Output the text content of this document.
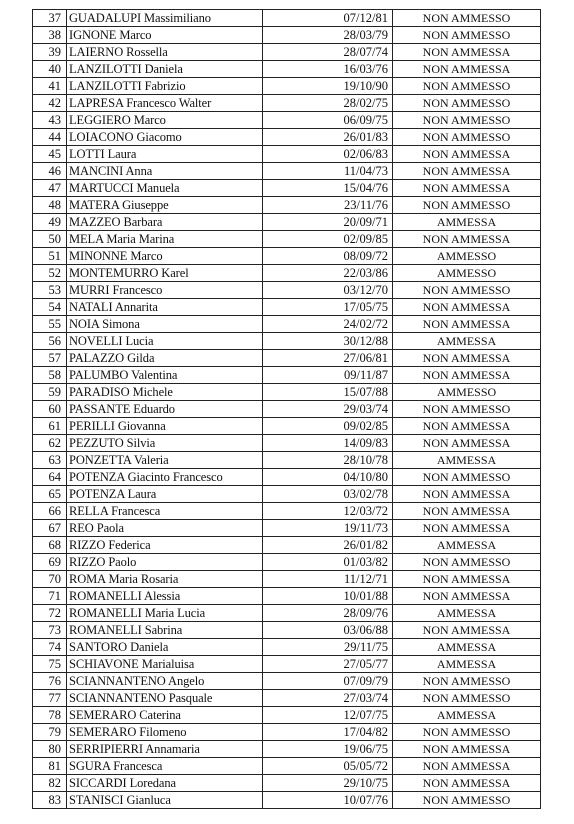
37	GUADALUPI Massimiliano	07/12/81	NON AMMESSO
38	IGNONE Marco	28/03/79	NON AMMESSO
39	LAIERNO Rossella	28/07/74	NON AMMESSA
40	LANZILOTTI Daniela	16/03/76	NON AMMESSA
41	LANZILOTTI Fabrizio	19/10/90	NON AMMESSO
42	LAPRESA Francesco Walter	28/02/75	NON AMMESSO
43	LEGGIERO Marco	06/09/75	NON AMMESSO
44	LOIACONO Giacomo	26/01/83	NON AMMESSO
45	LOTTI Laura	02/06/83	NON AMMESSA
46	MANCINI Anna	11/04/73	NON AMMESSA
47	MARTUCCI Manuela	15/04/76	NON AMMESSA
48	MATERA Giuseppe	23/11/76	NON AMMESSO
49	MAZZEO Barbara	20/09/71	AMMESSA
50	MELA Maria Marina	02/09/85	NON AMMESSA
51	MINONNE Marco	08/09/72	AMMESSO
52	MONTEMURRO Karel	22/03/86	AMMESSO
53	MURRI Francesco	03/12/70	NON AMMESSO
54	NATALI Annarita	17/05/75	NON AMMESSA
55	NOIA Simona	24/02/72	NON AMMESSA
56	NOVELLI Lucia	30/12/88	AMMESSA
57	PALAZZO Gilda	27/06/81	NON AMMESSA
58	PALUMBO Valentina	09/11/87	NON AMMESSA
59	PARADISO Michele	15/07/88	AMMESSO
60	PASSANTE Eduardo	29/03/74	NON AMMESSO
61	PERILLI Giovanna	09/02/85	NON AMMESSA
62	PEZZUTO Silvia	14/09/83	NON AMMESSA
63	PONZETTA Valeria	28/10/78	AMMESSA
64	POTENZA Giacinto Francesco	04/10/80	NON AMMESSO
65	POTENZA Laura	03/02/78	NON AMMESSA
66	RELLA Francesca	12/03/72	NON AMMESSA
67	REO Paola	19/11/73	NON AMMESSA
68	RIZZO Federica	26/01/82	AMMESSA
69	RIZZO Paolo	01/03/82	NON AMMESSO
70	ROMA Maria Rosaria	11/12/71	NON AMMESSA
71	ROMANELLI Alessia	10/01/88	NON AMMESSA
72	ROMANELLI Maria Lucia	28/09/76	AMMESSA
73	ROMANELLI Sabrina	03/06/88	NON AMMESSA
74	SANTORO Daniela	29/11/75	AMMESSA
75	SCHIAVONE Marialuisa	27/05/77	AMMESSA
76	SCIANNANTENO Angelo	07/09/79	NON AMMESSO
77	SCIANNANTENO Pasquale	27/03/74	NON AMMESSO
78	SEMERARO Caterina	12/07/75	AMMESSA
79	SEMERARO Filomeno	17/04/82	NON AMMESSO
80	SERRIPIERRI Annamaria	19/06/75	NON AMMESSA
81	SGURA Francesca	05/05/72	NON AMMESSA
82	SICCARDI Loredana	29/10/75	NON AMMESSA
83	STANISCI Gianluca	10/07/76	NON AMMESSO
